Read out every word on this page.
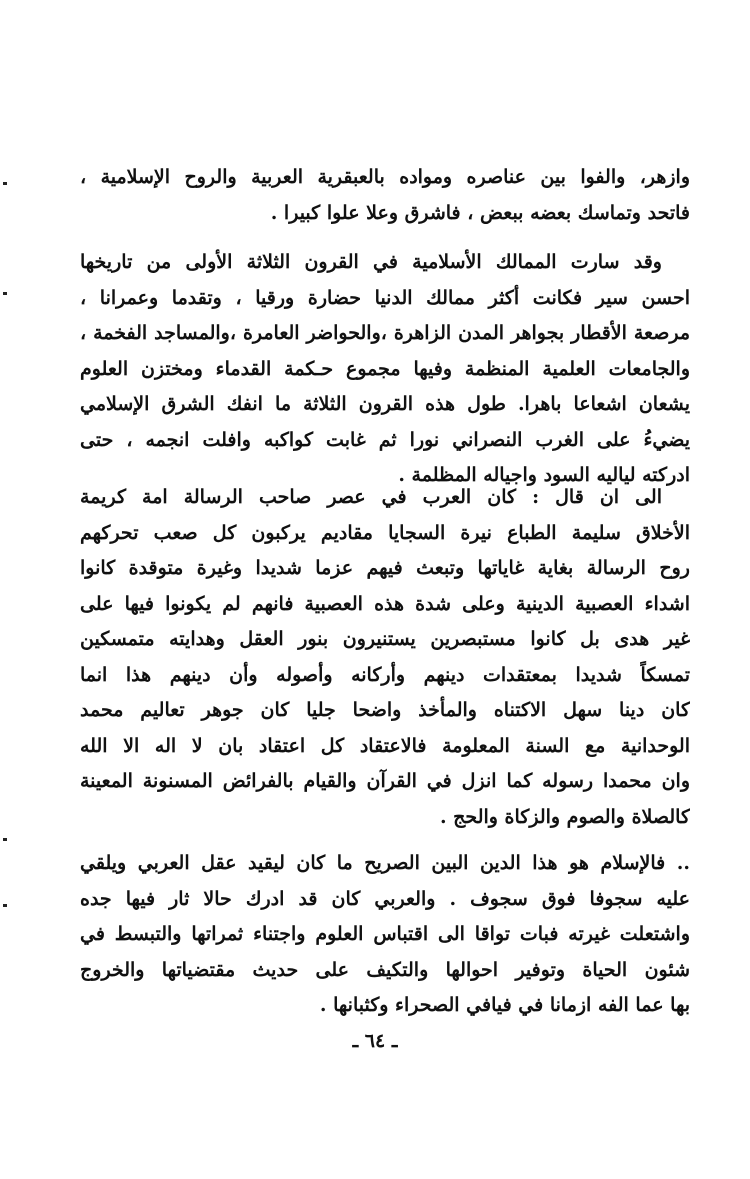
وازهر، والفوا بين عناصره ومواده بالعبقرية العربية والروح الإسلامية ،
فاتحد وتماسك بعضه ببعض ، فاشرق وعلا علوا كبيرا .
وقد سارت الممالك الأسلامية في القرون الثلاثة الأولى من تاريخها
احسن سير فكانت أكثر ممالك الدنيا حضارة ورقيا ، وتقدما وعمرانا ،
مرصعة الأقطار بجواهر المدن الزاهرة ،والحواضر العامرة ،والمساجد الفخمة ،
والجامعات العلمية المنظمة وفيها مجموع حـكمة القدماء ومختزن العلوم
يشعان اشعاعا باهرا. طول هذه القرون الثلاثة ما انفك الشرق الإسلامي
يضيءُ على الغرب النصراني نورا ثم غابت كواكبه وافلت انجمه ، حتى
ادركته لياليه السود واجياله المظلمة .
الى ان قال : كان العرب في عصر صاحب الرسالة امة كريمة
الأخلاق سليمة الطباع نيرة السجايا مقاديم يركبون كل صعب تحركهم
روح الرسالة بغاية غاياتها وتبعث فيهم عزما شديدا وغيرة متوقدة كانوا
اشداء العصبية الدينية وعلى شدة هذه العصبية فانهم لم يكونوا فيها على
غير هدى بل كانوا مستبصرين يستنيرون بنور العقل وهدايته متمسكين
تمسكاً شديدا بمعتقدات دينهم وأركانه وأصوله وأن دينهم هذا انما
كان دينا سهل الاكتناه والمأخذ واضحا جليا كان جوهر تعاليم محمد
الوحدانية مع السنة المعلومة فالاعتقاد كل اعتقاد بان لا اله الا الله
وان محمدا رسوله كما انزل في القرآن والقيام بالفرائض المسنونة المعينة
كالصلاة والصوم والزكاة والحج .
.. فالإسلام هو هذا الدين البين الصريح ما كان ليقيد عقل العربي ويلقي
عليه سجوفا فوق سجوف . والعربي كان قد ادرك حالا ثار فيها جده
واشتعلت غيرته فبات تواقا الى اقتباس العلوم واجتناء ثمراتها والتبسط في
شئون الحياة وتوفير احوالها والتكيف على حديث مقتضياتها والخروج
بها عما الفه ازمانا في فيافي الصحراء وكثبانها .
ـ ٦٤ ـ
